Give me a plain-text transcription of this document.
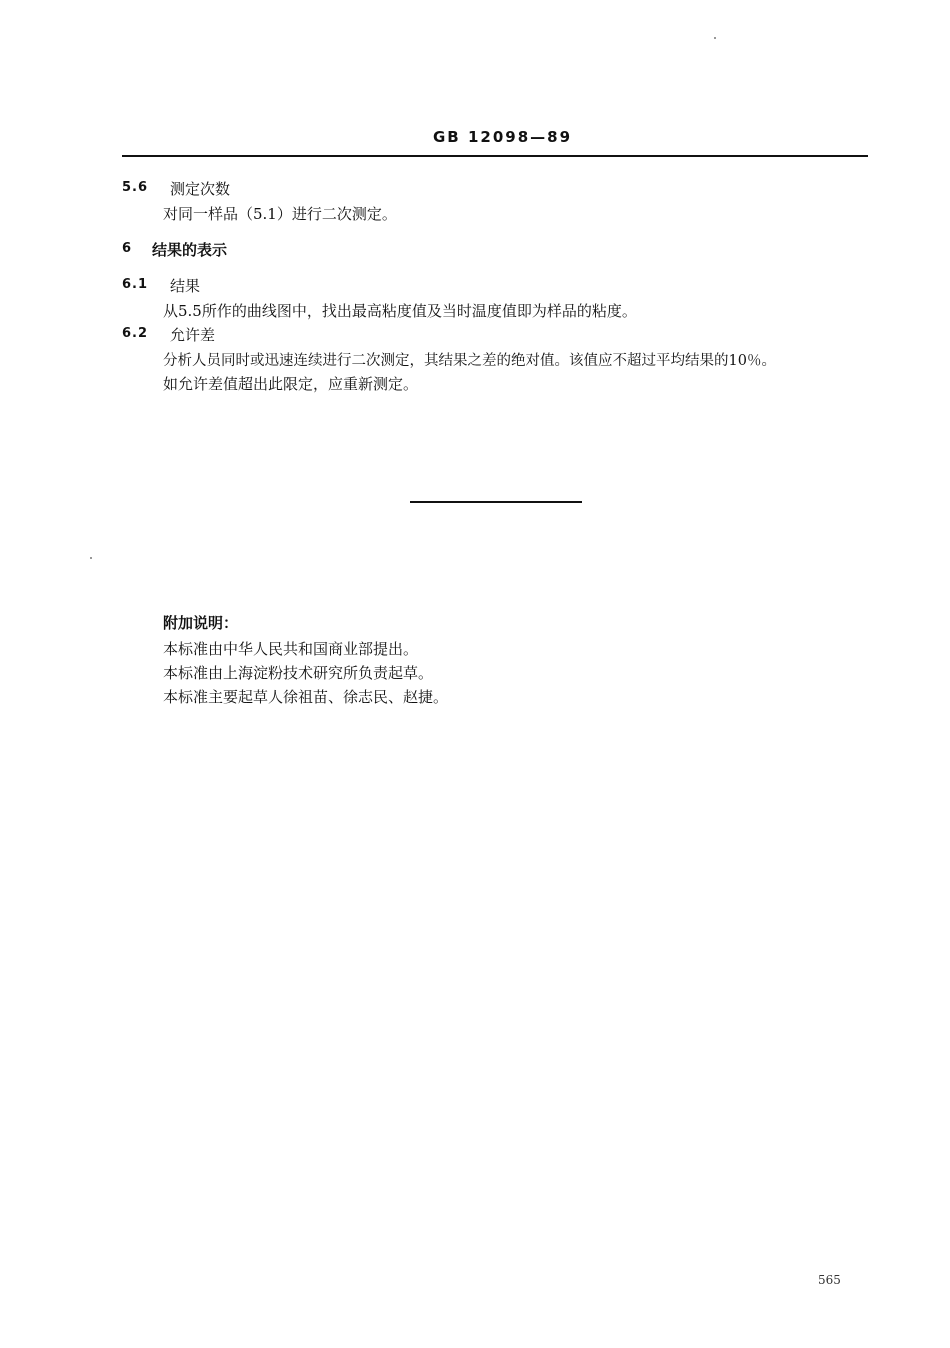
GB 12098—89
5.6 测定次数
对同一样品（5.1）进行二次测定。
6 结果的表示
6.1 结果
从5.5所作的曲线图中，找出最高粘度值及当时温度值即为样品的粘度。
6.2 允许差
分析人员同时或迅速连续进行二次测定，其结果之差的绝对值。该值应不超过平均结果的10％。
如允许差值超出此限定，应重新测定。
附加说明：
本标准由中华人民共和国商业部提出。
本标准由上海淀粉技术研究所负责起草。
本标准主要起草人徐祖苗、徐志民、赵捷。
565
